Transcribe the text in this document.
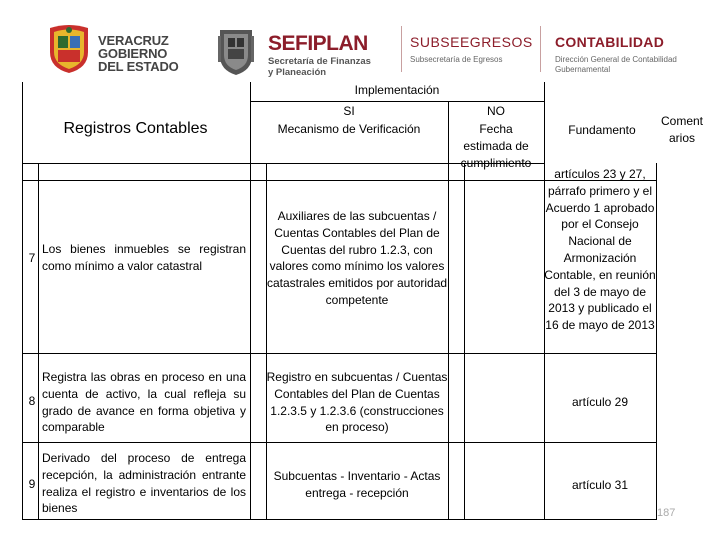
VERACRUZ
GOBIERNO
DEL ESTADO
SEFIPLAN
Secretaría de Finanzas
y Planeación
SUBSEEGRESOS
Subsecretaría de Egresos
CONTABILIDAD
Dirección General de Contabilidad
Gubernamental
Registros Contables
Implementación
SI
Mecanismo de Verificación
NO
Fecha
estimada de
cumplimiento
Fundamento
Coment
arios
7
Los bienes inmuebles se registran como mínimo a valor catastral
Auxiliares de las subcuentas / Cuentas Contables del Plan de Cuentas del rubro 1.2.3, con valores como mínimo los valores catastrales emitidos por autoridad competente
artículos 23 y 27, párrafo primero y el Acuerdo 1 aprobado por el Consejo Nacional de Armonización Contable, en reunión del 3 de mayo de 2013 y publicado el 16 de mayo de 2013
8
Registra las obras en proceso en una cuenta de activo, la cual refleja su grado de avance en forma objetiva y comparable
Registro en subcuentas / Cuentas Contables del Plan de Cuentas 1.2.3.5 y 1.2.3.6 (construcciones en proceso)
artículo 29
9
Derivado del proceso de entrega recepción, la administración entrante realiza el registro e inventarios de los bienes
Subcuentas - Inventario - Actas entrega - recepción
artículo 31
187
